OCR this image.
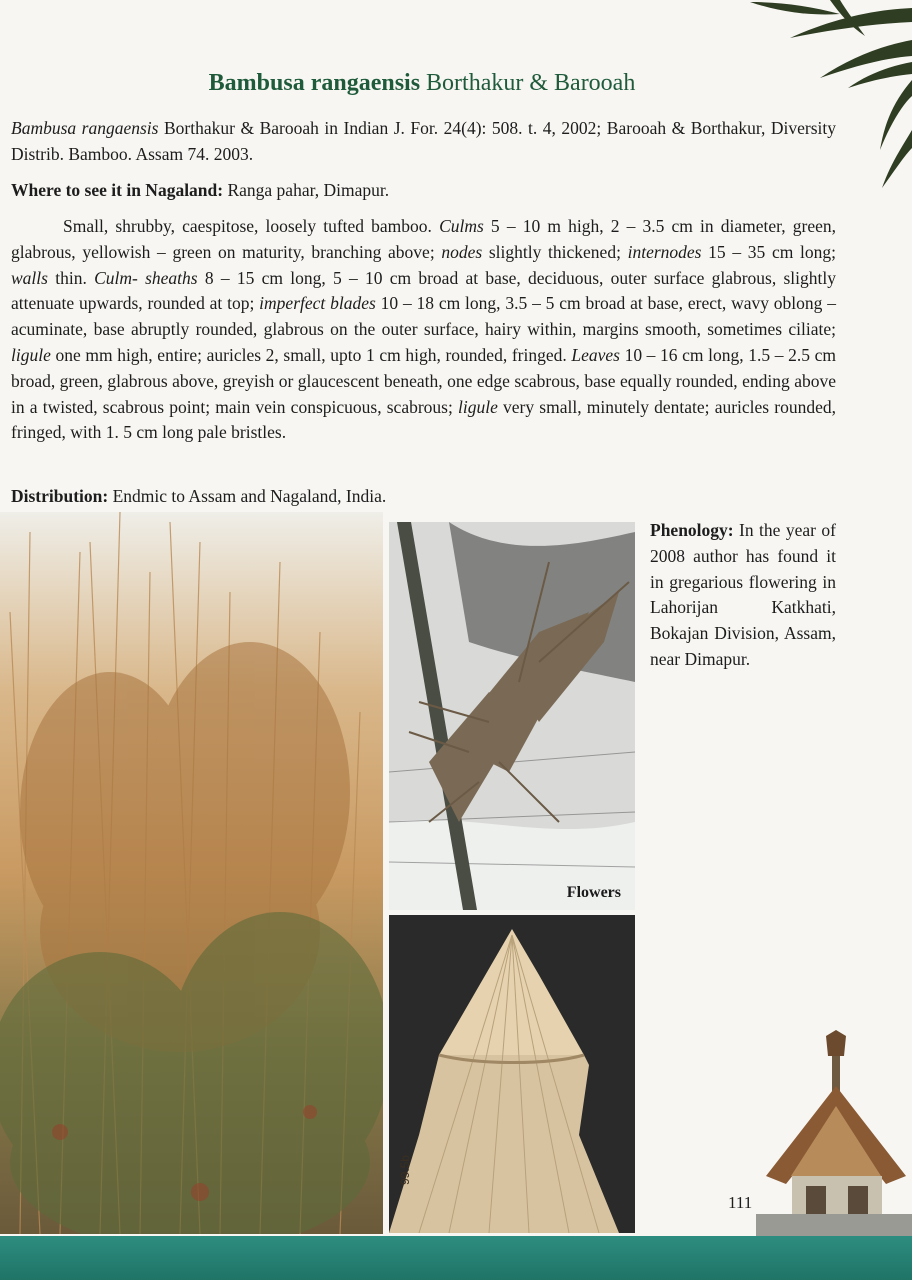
Bambusa rangaensis Borthakur & Barooah
Bambusa rangaensis Borthakur & Barooah in Indian J. For. 24(4): 508. t. 4, 2002; Barooah & Borthakur, Diversity Distrib. Bamboo. Assam 74. 2003.
Where to see it in Nagaland: Ranga pahar, Dimapur.
Small, shrubby, caespitose, loosely tufted bamboo. Culms 5 – 10 m high, 2 – 3.5 cm in diameter, green, glabrous, yellowish – green on maturity, branching above; nodes slightly thickened; internodes 15 – 35 cm long; walls thin. Culm- sheaths 8 – 15 cm long, 5 – 10 cm broad at base, deciduous, outer surface glabrous, slightly attenuate upwards, rounded at top; imperfect blades 10 – 18 cm long, 3.5 – 5 cm broad at base, erect, wavy oblong – acuminate, base abruptly rounded, glabrous on the outer surface, hairy within, margins smooth, sometimes ciliate; ligule one mm high, entire; auricles 2, small, upto 1 cm high, rounded, fringed. Leaves 10 – 16 cm long, 1.5 – 2.5 cm broad, green, glabrous above, greyish or glaucescent beneath, one edge scabrous, base equally rounded, ending above in a twisted, scabrous point; main vein conspicuous, scabrous; ligule very small, minutely dentate; auricles rounded, fringed, with 1. 5 cm long pale bristles.
Distribution: Endmic to Assam and Nagaland, India.
Flowers
99.5b
Phenology: In the year of 2008 author has found it in gregarious flowering in Lahorijan Katkhati, Bokajan Division, Assam, near Dimapur.
111
